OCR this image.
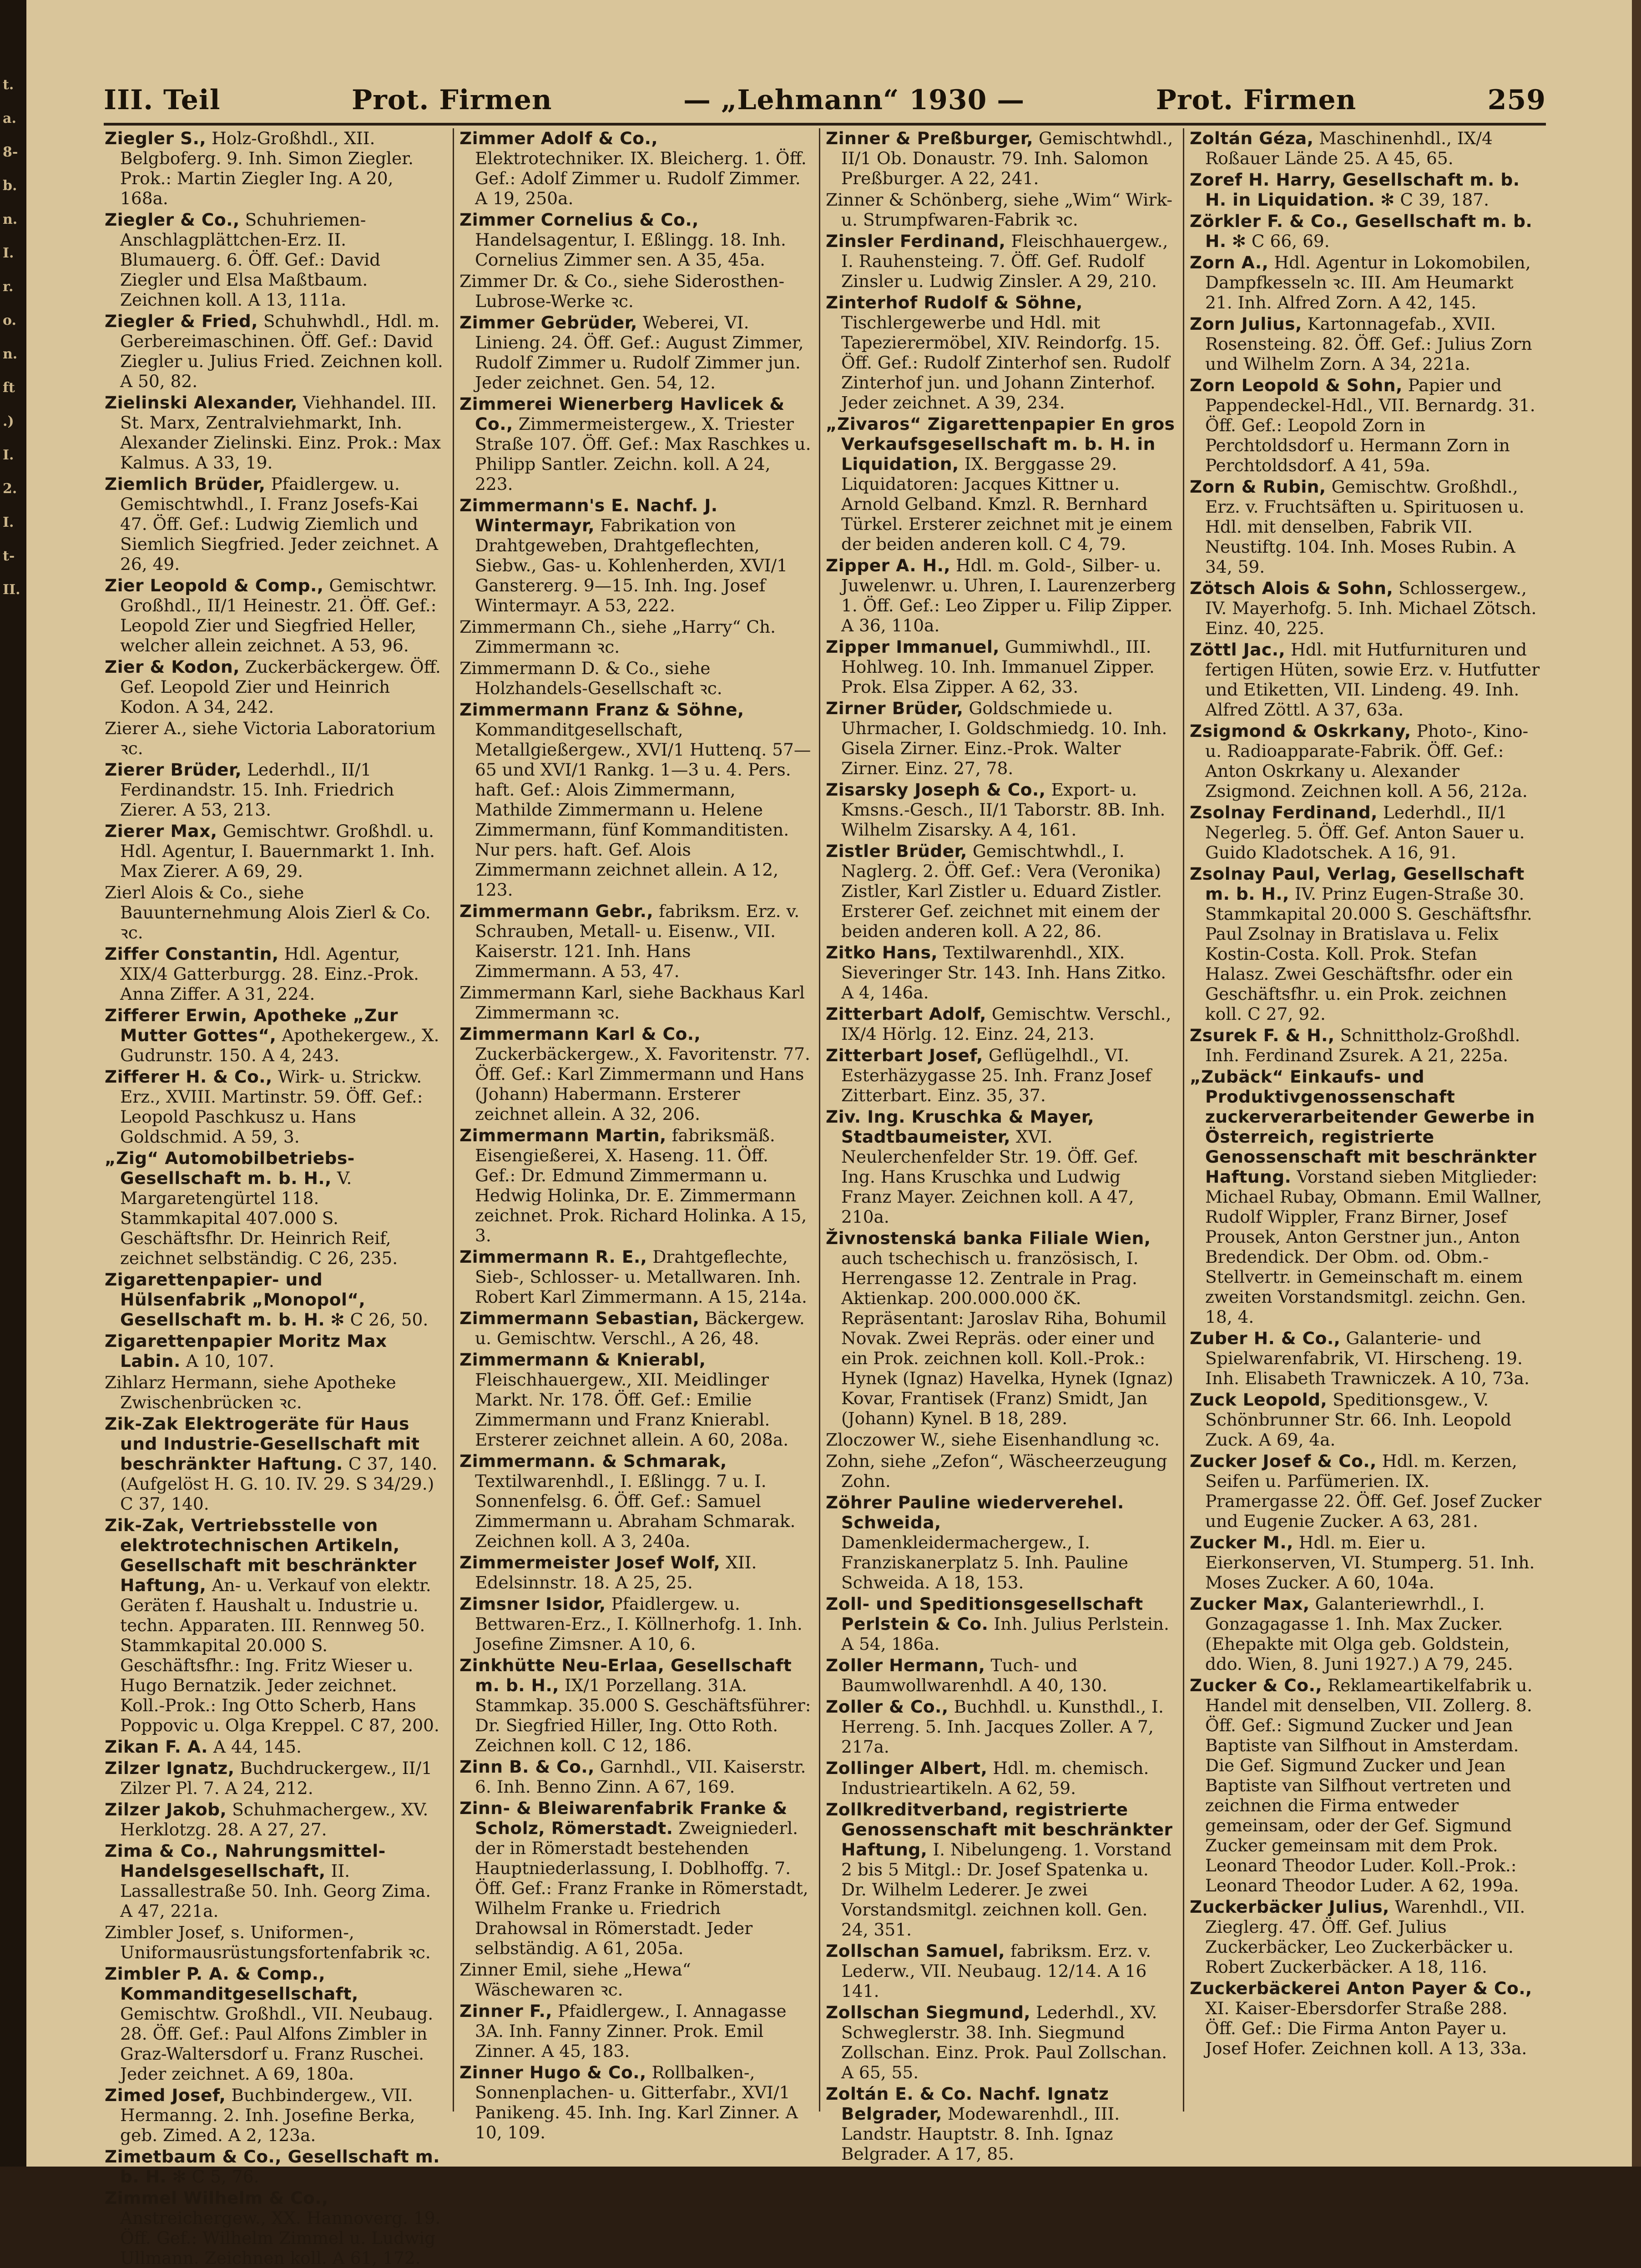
t.
a.
8-
b.
n.
I.
r.
o.
n.
ft
.)
I.
2.
I.
t-
II.
III. Teil	Prot. Firmen	— „Lehmann“ 1930 —	Prot. Firmen	259
Ziegler S., Holz-Großhdl., XII. Belgboferg. 9. Inh. Simon Ziegler. Prok.: Martin Ziegler Ing. A 20, 168a.
Ziegler & Co., Schuhriemen-Anschlagplättchen-Erz. II. Blumauerg. 6. Öff. Gef.: David Ziegler und Elsa Maßtbaum. Zeichnen koll. A 13, 111a.
Ziegler & Fried, Schuhwhdl., Hdl. m. Gerbereimaschinen. Öff. Gef.: David Ziegler u. Julius Fried. Zeichnen koll. A 50, 82.
Zielinski Alexander, Viehhandel. III. St. Marx, Zentralviehmarkt, Inh. Alexander Zielinski. Einz. Prok.: Max Kalmus. A 33, 19.
Ziemlich Brüder, Pfaidlergew. u. Gemischtwhdl., I. Franz Josefs-Kai 47. Öff. Gef.: Ludwig Ziemlich und Siemlich Siegfried. Jeder zeichnet. A 26, 49.
Zier Leopold & Comp., Gemischtwr. Großhdl., II/1 Heinestr. 21. Öff. Gef.: Leopold Zier und Siegfried Heller, welcher allein zeichnet. A 53, 96.
Zier & Kodon, Zuckerbäckergew. Öff. Gef. Leopold Zier und Heinrich Kodon. A 34, 242.
Zierer A., siehe Victoria Laboratorium ꝛc.
Zierer Brüder, Lederhdl., II/1 Ferdinandstr. 15. Inh. Friedrich Zierer. A 53, 213.
Zierer Max, Gemischtwr. Großhdl. u. Hdl. Agentur, I. Bauernmarkt 1. Inh. Max Zierer. A 69, 29.
Zierl Alois & Co., siehe Bauunternehmung Alois Zierl & Co. ꝛc.
Ziffer Constantin, Hdl. Agentur, XIX/4 Gatterburgg. 28. Einz.-Prok. Anna Ziffer. A 31, 224.
Zifferer Erwin, Apotheke „Zur Mutter Gottes“, Apothekergew., X. Gudrunstr. 150. A 4, 243.
Zifferer H. & Co., Wirk- u. Strickw. Erz., XVIII. Martinstr. 59. Öff. Gef.: Leopold Paschkusz u. Hans Goldschmid. A 59, 3.
„Zig“ Automobilbetriebs-Gesellschaft m. b. H., V. Margaretengürtel 118. Stammkapital 407.000 S. Geschäftsfhr. Dr. Heinrich Reif, zeichnet selbständig. C 26, 235.
Zigarettenpapier- und Hülsenfabrik „Monopol“, Gesellschaft m. b. H. ✻ C 26, 50.
Zigarettenpapier Moritz Max Labin. A 10, 107.
Zihlarz Hermann, siehe Apotheke Zwischenbrücken ꝛc.
Zik-Zak Elektrogeräte für Haus und Industrie-Gesellschaft mit beschränkter Haftung. C 37, 140. (Aufgelöst H. G. 10. IV. 29. S 34/29.) C 37, 140.
Zik-Zak, Vertriebsstelle von elektrotechnischen Artikeln, Gesellschaft mit beschränkter Haftung, An- u. Verkauf von elektr. Geräten f. Haushalt u. Industrie u. techn. Apparaten. III. Rennweg 50. Stammkapital 20.000 S. Geschäftsfhr.: Ing. Fritz Wieser u. Hugo Bernatzik. Jeder zeichnet. Koll.-Prok.: Ing Otto Scherb, Hans Poppovic u. Olga Kreppel. C 87, 200.
Zikan F. A. A 44, 145.
Zilzer Ignatz, Buchdruckergew., II/1 Zilzer Pl. 7. A 24, 212.
Zilzer Jakob, Schuhmachergew., XV. Herklotzg. 28. A 27, 27.
Zima & Co., Nahrungsmittel-Handelsgesellschaft, II. Lassallestraße 50. Inh. Georg Zima. A 47, 221a.
Zimbler Josef, s. Uniformen-, Uniformausrüstungsfortenfabrik ꝛc.
Zimbler P. A. & Comp., Kommanditgesellschaft, Gemischtw. Großhdl., VII. Neubaug. 28. Öff. Gef.: Paul Alfons Zimbler in Graz-Waltersdorf u. Franz Ruschei. Jeder zeichnet. A 69, 180a.
Zimed Josef, Buchbindergew., VII. Hermanng. 2. Inh. Josefine Berka, geb. Zimed. A 2, 123a.
Zimetbaum & Co., Gesellschaft m. b. H. ✻ C 5, 76.
Zimmel Wilhelm & Co., Anstreichergew., XX. Hannoverg. 19. Öff. Gef.: Wilhelm Zimmel u. Ludwig Ullmann. Zeichnen koll. A 61, 172.
Zimmer Adolf & Co., Elektrotechniker. IX. Bleicherg. 1. Öff. Gef.: Adolf Zimmer u. Rudolf Zimmer. A 19, 250a.
Zimmer Cornelius & Co., Handelsagentur, I. Eßlingg. 18. Inh. Cornelius Zimmer sen. A 35, 45a.
Zimmer Dr. & Co., siehe Siderosthen-Lubrose-Werke ꝛc.
Zimmer Gebrüder, Weberei, VI. Linieng. 24. Öff. Gef.: August Zimmer, Rudolf Zimmer u. Rudolf Zimmer jun. Jeder zeichnet. Gen. 54, 12.
Zimmerei Wienerberg Havlicek & Co., Zimmermeistergew., X. Triester Straße 107. Öff. Gef.: Max Raschkes u. Philipp Santler. Zeichn. koll. A 24, 223.
Zimmermann's E. Nachf. J. Wintermayr, Fabrikation von Drahtgeweben, Drahtgeflechten, Siebw., Gas- u. Kohlenherden, XVI/1 Ganstererg. 9—15. Inh. Ing. Josef Wintermayr. A 53, 222.
Zimmermann Ch., siehe „Harry“ Ch. Zimmermann ꝛc.
Zimmermann D. & Co., siehe Holzhandels-Gesellschaft ꝛc.
Zimmermann Franz & Söhne, Kommanditgesellschaft, Metallgießergew., XVI/1 Huttenq. 57—65 und XVI/1 Rankg. 1—3 u. 4. Pers. haft. Gef.: Alois Zimmermann, Mathilde Zimmermann u. Helene Zimmermann, fünf Kommanditisten. Nur pers. haft. Gef. Alois Zimmermann zeichnet allein. A 12, 123.
Zimmermann Gebr., fabriksm. Erz. v. Schrauben, Metall- u. Eisenw., VII. Kaiserstr. 121. Inh. Hans Zimmermann. A 53, 47.
Zimmermann Karl, siehe Backhaus Karl Zimmermann ꝛc.
Zimmermann Karl & Co., Zuckerbäckergew., X. Favoritenstr. 77. Öff. Gef.: Karl Zimmermann und Hans (Johann) Habermann. Ersterer zeichnet allein. A 32, 206.
Zimmermann Martin, fabriksmäß. Eisengießerei, X. Haseng. 11. Öff. Gef.: Dr. Edmund Zimmermann u. Hedwig Holinka, Dr. E. Zimmermann zeichnet. Prok. Richard Holinka. A 15, 3.
Zimmermann R. E., Drahtgeflechte, Sieb-, Schlosser- u. Metallwaren. Inh. Robert Karl Zimmermann. A 15, 214a.
Zimmermann Sebastian, Bäckergew. u. Gemischtw. Verschl., A 26, 48.
Zimmermann & Knierabl, Fleischhauergew., XII. Meidlinger Markt. Nr. 178. Öff. Gef.: Emilie Zimmermann und Franz Knierabl. Ersterer zeichnet allein. A 60, 208a.
Zimmermann. & Schmarak, Textilwarenhdl., I. Eßlingg. 7 u. I. Sonnenfelsg. 6. Öff. Gef.: Samuel Zimmermann u. Abraham Schmarak. Zeichnen koll. A 3, 240a.
Zimmermeister Josef Wolf, XII. Edelsinnstr. 18. A 25, 25.
Zimsner Isidor, Pfaidlergew. u. Bettwaren-Erz., I. Köllnerhofg. 1. Inh. Josefine Zimsner. A 10, 6.
Zinkhütte Neu-Erlaa, Gesellschaft m. b. H., IX/1 Porzellang. 31A. Stammkap. 35.000 S. Geschäftsführer: Dr. Siegfried Hiller, Ing. Otto Roth. Zeichnen koll. C 12, 186.
Zinn B. & Co., Garnhdl., VII. Kaiserstr. 6. Inh. Benno Zinn. A 67, 169.
Zinn- & Bleiwarenfabrik Franke & Scholz, Römerstadt. Zweigniederl. der in Römerstadt bestehenden Hauptniederlassung, I. Doblhoffg. 7. Öff. Gef.: Franz Franke in Römerstadt, Wilhelm Franke u. Friedrich Drahowsal in Römerstadt. Jeder selbständig. A 61, 205a.
Zinner Emil, siehe „Hewa“ Wäschewaren ꝛc.
Zinner F., Pfaidlergew., I. Annagasse 3A. Inh. Fanny Zinner. Prok. Emil Zinner. A 45, 183.
Zinner Hugo & Co., Rollbalken-, Sonnenplachen- u. Gitterfabr., XVI/1 Panikeng. 45. Inh. Ing. Karl Zinner. A 10, 109.
Zinner & Preßburger, Gemischtwhdl., II/1 Ob. Donaustr. 79. Inh. Salomon Preßburger. A 22, 241.
Zinner & Schönberg, siehe „Wim“ Wirk- u. Strumpfwaren-Fabrik ꝛc.
Zinsler Ferdinand, Fleischhauergew., I. Rauhensteing. 7. Öff. Gef. Rudolf Zinsler u. Ludwig Zinsler. A 29, 210.
Zinterhof Rudolf & Söhne, Tischlergewerbe und Hdl. mit Tapezierermöbel, XIV. Reindorfg. 15. Öff. Gef.: Rudolf Zinterhof sen. Rudolf Zinterhof jun. und Johann Zinterhof. Jeder zeichnet. A 39, 234.
„Zivaros“ Zigarettenpapier En gros Verkaufsgesellschaft m. b. H. in Liquidation, IX. Berggasse 29. Liquidatoren: Jacques Kittner u. Arnold Gelband. Kmzl. R. Bernhard Türkel. Ersterer zeichnet mit je einem der beiden anderen koll. C 4, 79.
Zipper A. H., Hdl. m. Gold-, Silber- u. Juwelenwr. u. Uhren, I. Laurenzerberg 1. Öff. Gef.: Leo Zipper u. Filip Zipper. A 36, 110a.
Zipper Immanuel, Gummiwhdl., III. Hohlweg. 10. Inh. Immanuel Zipper. Prok. Elsa Zipper. A 62, 33.
Zirner Brüder, Goldschmiede u. Uhrmacher, I. Goldschmiedg. 10. Inh. Gisela Zirner. Einz.-Prok. Walter Zirner. Einz. 27, 78.
Zisarsky Joseph & Co., Export- u. Kmsns.-Gesch., II/1 Taborstr. 8B. Inh. Wilhelm Zisarsky. A 4, 161.
Zistler Brüder, Gemischtwhdl., I. Naglerg. 2. Öff. Gef.: Vera (Veronika) Zistler, Karl Zistler u. Eduard Zistler. Ersterer Gef. zeichnet mit einem der beiden anderen koll. A 22, 86.
Zitko Hans, Textilwarenhdl., XIX. Sieveringer Str. 143. Inh. Hans Zitko. A 4, 146a.
Zitterbart Adolf, Gemischtw. Verschl., IX/4 Hörlg. 12. Einz. 24, 213.
Zitterbart Josef, Geflügelhdl., VI. Esterhäzygasse 25. Inh. Franz Josef Zitterbart. Einz. 35, 37.
Ziv. Ing. Kruschka & Mayer, Stadtbaumeister, XVI. Neulerchenfelder Str. 19. Öff. Gef. Ing. Hans Kruschka und Ludwig Franz Mayer. Zeichnen koll. A 47, 210a.
Živnostenská banka Filiale Wien, auch tschechisch u. französisch, I. Herrengasse 12. Zentrale in Prag. Aktienkap. 200.000.000 čK. Repräsentant: Jaroslav Riha, Bohumil Novak. Zwei Repräs. oder einer und ein Prok. zeichnen koll. Koll.-Prok.: Hynek (Ignaz) Havelka, Hynek (Ignaz) Kovar, Frantisek (Franz) Smidt, Jan (Johann) Kynel. B 18, 289.
Zloczower W., siehe Eisenhandlung ꝛc.
Zohn, siehe „Zefon“, Wäscheerzeugung Zohn.
Zöhrer Pauline wiederverehel. Schweida, Damenkleidermachergew., I. Franziskanerplatz 5. Inh. Pauline Schweida. A 18, 153.
Zoll- und Speditionsgesellschaft Perlstein & Co. Inh. Julius Perlstein. A 54, 186a.
Zoller Hermann, Tuch- und Baumwollwarenhdl. A 40, 130.
Zoller & Co., Buchhdl. u. Kunsthdl., I. Herreng. 5. Inh. Jacques Zoller. A 7, 217a.
Zollinger Albert, Hdl. m. chemisch. Industrieartikeln. A 62, 59.
Zollkreditverband, registrierte Genossenschaft mit beschränkter Haftung, I. Nibelungeng. 1. Vorstand 2 bis 5 Mitgl.: Dr. Josef Spatenka u. Dr. Wilhelm Lederer. Je zwei Vorstandsmitgl. zeichnen koll. Gen. 24, 351.
Zollschan Samuel, fabriksm. Erz. v. Lederw., VII. Neubaug. 12/14. A 16 141.
Zollschan Siegmund, Lederhdl., XV. Schweglerstr. 38. Inh. Siegmund Zollschan. Einz. Prok. Paul Zollschan. A 65, 55.
Zoltán E. & Co. Nachf. Ignatz Belgrader, Modewarenhdl., III. Landstr. Hauptstr. 8. Inh. Ignaz Belgrader. A 17, 85.
Zoltán Géza, Maschinenhdl., IX/4 Roßauer Lände 25. A 45, 65.
Zoref H. Harry, Gesellschaft m. b. H. in Liquidation. ✻ C 39, 187.
Zörkler F. & Co., Gesellschaft m. b. H. ✻ C 66, 69.
Zorn A., Hdl. Agentur in Lokomobilen, Dampfkesseln ꝛc. III. Am Heumarkt 21. Inh. Alfred Zorn. A 42, 145.
Zorn Julius, Kartonnagefab., XVII. Rosensteing. 82. Öff. Gef.: Julius Zorn und Wilhelm Zorn. A 34, 221a.
Zorn Leopold & Sohn, Papier und Pappendeckel-Hdl., VII. Bernardg. 31. Öff. Gef.: Leopold Zorn in Perchtoldsdorf u. Hermann Zorn in Perchtoldsdorf. A 41, 59a.
Zorn & Rubin, Gemischtw. Großhdl., Erz. v. Fruchtsäften u. Spirituosen u. Hdl. mit denselben, Fabrik VII. Neustiftg. 104. Inh. Moses Rubin. A 34, 59.
Zötsch Alois & Sohn, Schlossergew., IV. Mayerhofg. 5. Inh. Michael Zötsch. Einz. 40, 225.
Zöttl Jac., Hdl. mit Hutfurnituren und fertigen Hüten, sowie Erz. v. Hutfutter und Etiketten, VII. Lindeng. 49. Inh. Alfred Zöttl. A 37, 63a.
Zsigmond & Oskrkany, Photo-, Kino- u. Radioapparate-Fabrik. Öff. Gef.: Anton Oskrkany u. Alexander Zsigmond. Zeichnen koll. A 56, 212a.
Zsolnay Ferdinand, Lederhdl., II/1 Negerleg. 5. Öff. Gef. Anton Sauer u. Guido Kladotschek. A 16, 91.
Zsolnay Paul, Verlag, Gesellschaft m. b. H., IV. Prinz Eugen-Straße 30. Stammkapital 20.000 S. Geschäftsfhr. Paul Zsolnay in Bratislava u. Felix Kostin-Costa. Koll. Prok. Stefan Halasz. Zwei Geschäftsfhr. oder ein Geschäftsfhr. u. ein Prok. zeichnen koll. C 27, 92.
Zsurek F. & H., Schnittholz-Großhdl. Inh. Ferdinand Zsurek. A 21, 225a.
„Zubäck“ Einkaufs- und Produktivgenossenschaft zuckerverarbeitender Gewerbe in Österreich, registrierte Genossenschaft mit beschränkter Haftung. Vorstand sieben Mitglieder: Michael Rubay, Obmann. Emil Wallner, Rudolf Wippler, Franz Birner, Josef Prousek, Anton Gerstner jun., Anton Bredendick. Der Obm. od. Obm.-Stellvertr. in Gemeinschaft m. einem zweiten Vorstandsmitgl. zeichn. Gen. 18, 4.
Zuber H. & Co., Galanterie- und Spielwarenfabrik, VI. Hirscheng. 19. Inh. Elisabeth Trawniczek. A 10, 73a.
Zuck Leopold, Speditionsgew., V. Schönbrunner Str. 66. Inh. Leopold Zuck. A 69, 4a.
Zucker Josef & Co., Hdl. m. Kerzen, Seifen u. Parfümerien. IX. Pramergasse 22. Öff. Gef. Josef Zucker und Eugenie Zucker. A 63, 281.
Zucker M., Hdl. m. Eier u. Eierkonserven, VI. Stumperg. 51. Inh. Moses Zucker. A 60, 104a.
Zucker Max, Galanteriewrhdl., I. Gonzagagasse 1. Inh. Max Zucker. (Ehepakte mit Olga geb. Goldstein, ddo. Wien, 8. Juni 1927.) A 79, 245.
Zucker & Co., Reklameartikelfabrik u. Handel mit denselben, VII. Zollerg. 8. Öff. Gef.: Sigmund Zucker und Jean Baptiste van Silfhout in Amsterdam. Die Gef. Sigmund Zucker und Jean Baptiste van Silfhout vertreten und zeichnen die Firma entweder gemeinsam, oder der Gef. Sigmund Zucker gemeinsam mit dem Prok. Leonard Theodor Luder. Koll.-Prok.: Leonard Theodor Luder. A 62, 199a.
Zuckerbäcker Julius, Warenhdl., VII. Zieglerg. 47. Öff. Gef. Julius Zuckerbäcker, Leo Zuckerbäcker u. Robert Zuckerbäcker. A 18, 116.
Zuckerbäckerei Anton Payer & Co., XI. Kaiser-Ebersdorfer Straße 288. Öff. Gef.: Die Firma Anton Payer u. Josef Hofer. Zeichnen koll. A 13, 33a.
